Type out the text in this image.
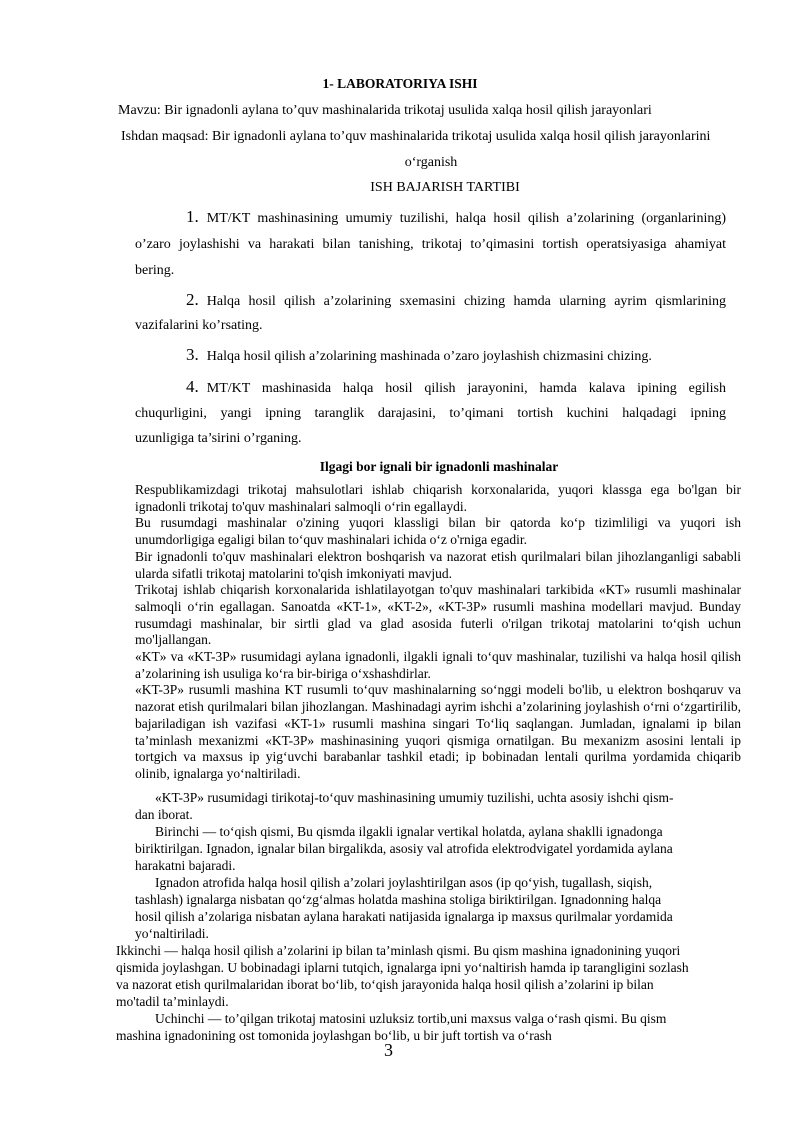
1- LABORATORIYA ISHI
Mavzu: Bir ignadonli aylana to’quv mashinalarida trikotaj usulida xalqa hosil qilish jarayonlari
Ishdan maqsad: Bir ignadonli aylana to’quv mashinalarida trikotaj usulida xalqa hosil qilish jarayonlarini
o‘rganish
ISH BAJARISH TARTIBI
1. MT/KT mashinasining umumiy tuzilishi, halqa hosil qilish a’zolarining (organlarining)
o’zaro joylashishi va harakati bilan tanishing, trikotaj to’qimasini tortish operatsiyasiga ahamiyat
bering.
2. Halqa hosil qilish a’zolarining sxemasini chizing hamda ularning ayrim qismlarining
vazifalarini ko’rsating.
3. Halqa hosil qilish a’zolarining mashinada o’zaro joylashish chizmasini chizing.
4. MT/KT mashinasida halqa hosil qilish jarayonini, hamda kalava ipining egilish
chuqurligini, yangi ipning taranglik darajasini, to’qimani tortish kuchini halqadagi ipning
uzunligiga ta’sirini o’rganing.
Ilgagi bor ignali bir ignadonli mashinalar

Respublikamizdagi trikotaj mahsulotlari ishlab chiqarish korxonalarida, yuqori klassga ega bo'lgan bir ignadonli trikotaj to'quv mashinalari salmoqli o‘rin egallaydi.

Bu rusumdagi mashinalar o'zining yuqori klassligi bilan bir qatorda ko‘p tizimliligi va yuqori ish unumdorligiga egaligi bilan to‘quv mashinalari ichida o‘z o'rniga egadir.

Bir ignadonli to'quv mashinalari elektron boshqarish va nazorat etish qurilmalari bilan jihozlanganligi sababli ularda sifatli trikotaj matolarini to'qish imkoniyati mavjud.

Trikotaj ishlab chiqarish korxonalarida ishlatilayotgan to'quv mashinalari tarkibida «KT» rusumli mashinalar salmoqli o‘rin egallagan. Sanoatda «KT-1», «KT-2», «KT-3P» rusumli mashina modellari mavjud. Bunday rusumdagi mashinalar, bir sirtli glad va glad asosida futerli o'rilgan trikotaj matolarini to‘qish uchun mo'ljallangan.

«KT» va «KT-3P» rusumidagi aylana ignadonli, ilgakli ignali to‘quv mashinalar, tuzilishi va halqa hosil qilish a’zolarining ish usuliga ko‘ra bir-biriga o‘xshashdirlar.

«KT-3P» rusumli mashina KT rusumli to‘quv mashinalarning so‘nggi modeli bo'lib, u elektron boshqaruv va nazorat etish qurilmalari bilan jihozlangan. Mashinadagi ayrim ishchi a’zolarining joylashish o‘rni o‘zgartirilib, bajariladigan ish vazifasi «KT-1» rusumli mashina singari To‘liq saqlangan. Jumladan, ignalami ip bilan ta’minlash mexanizmi «KT-3P» mashinasining yuqori qismiga ornatilgan. Bu mexanizm asosini lentali ip tortgich va maxsus ip yig‘uvchi barabanlar tashkil etadi; ip bobinadan lentali qurilma yordamida chiqarib olinib, ignalarga yo‘naltiriladi.

«KT-3P» rusumidagi tirikotaj-to‘quv mashinasining umumiy tuzilishi, uchta asosiy ishchi qism-
dan iborat.
Birinchi — to‘qish qismi, Bu qismda ilgakli ignalar vertikal holatda, aylana shaklli ignadonga
biriktirilgan. Ignadon, ignalar bilan birgalikda, asosiy val atrofida elektrodvigatel yordamida aylana
harakatni bajaradi.
Ignadon atrofida halqa hosil qilish a’zolari joylashtirilgan asos (ip qo‘yish, tugallash, siqish,
tashlash) ignalarga nisbatan qo‘zg‘almas holatda mashina stoliga biriktirilgan. Ignadonning halqa
hosil qilish a’zolariga nisbatan aylana harakati natijasida ignalarga ip maxsus qurilmalar yordamida
yo‘naltiriladi.
Ikkinchi — halqa hosil qilish a’zolarini ip bilan ta’minlash qismi. Bu qism mashina ignadonining yuqori
qismida joylashgan. U bobinadagi iplarni tutqich, ignalarga ipni yo‘naltirish hamda ip tarangligini sozlash
va nazorat etish qurilmalaridan iborat bo‘lib, to‘qish jarayonida halqa hosil qilish a’zolarini ip bilan
mo'tadil ta’minlaydi.
Uchinchi — to’qilgan trikotaj matosini uzluksiz tortib,uni maxsus valga o‘rash qismi. Bu qism
mashina ignadonining ost tomonida joylashgan bo‘lib, u bir juft tortish va o‘rash
3
